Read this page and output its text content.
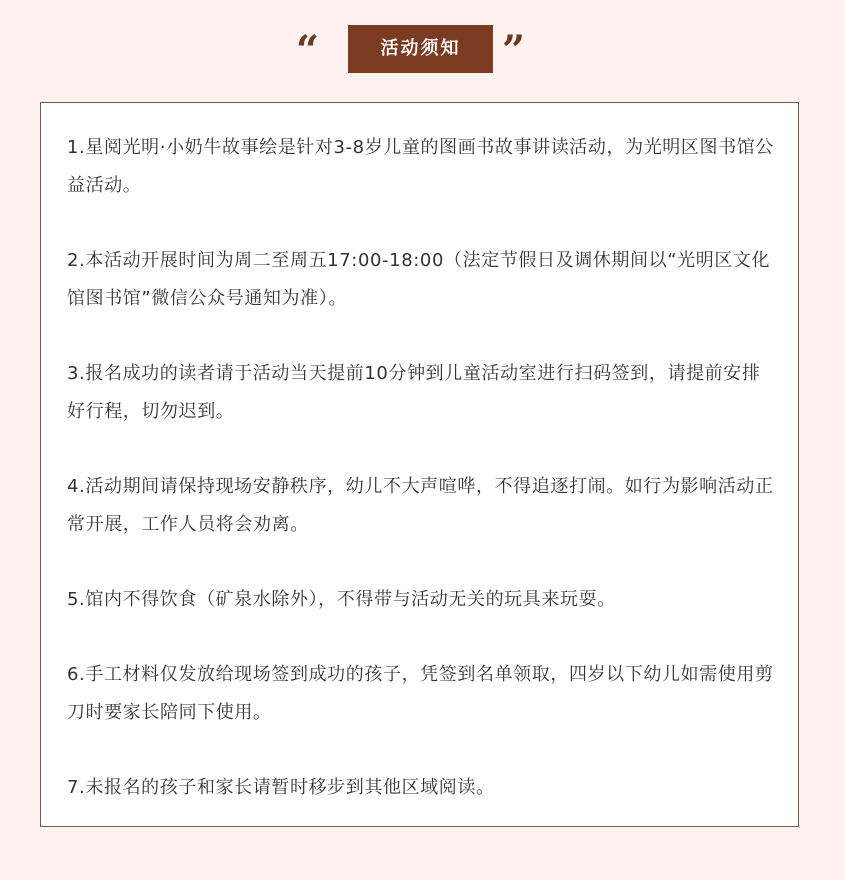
“	活动须知	”

1.星阅光明·小奶牛故事绘是针对3-8岁儿童的图画书故事讲读活动，为光明区图书馆公益活动。

2.本活动开展时间为周二至周五17:00-18:00（法定节假日及调休期间以“光明区文化馆图书馆”微信公众号通知为准）。

3.报名成功的读者请于活动当天提前10分钟到儿童活动室进行扫码签到，请提前安排好行程，切勿迟到。

4.活动期间请保持现场安静秩序，幼儿不大声喧哗，不得追逐打闹。如行为影响活动正常开展，工作人员将会劝离。

5.馆内不得饮食（矿泉水除外），不得带与活动无关的玩具来玩耍。

6.手工材料仅发放给现场签到成功的孩子，凭签到名单领取，四岁以下幼儿如需使用剪刀时要家长陪同下使用。

7.未报名的孩子和家长请暂时移步到其他区域阅读。
